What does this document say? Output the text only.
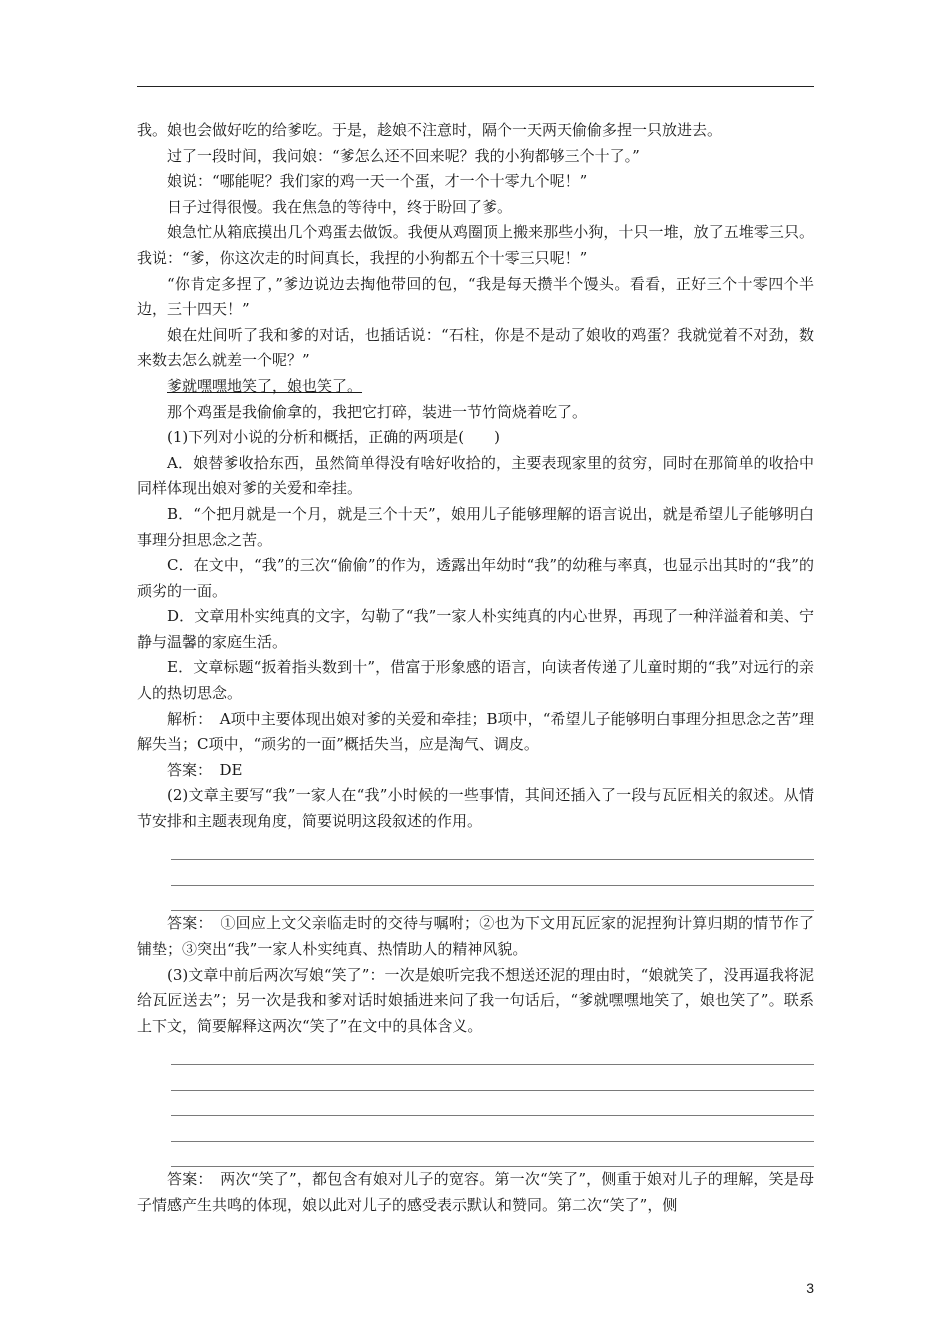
我。娘也会做好吃的给爹吃。于是，趁娘不注意时，隔个一天两天偷偷多捏一只放进去。

过了一段时间，我问娘：“爹怎么还不回来呢？我的小狗都够三个十了。”

娘说：“哪能呢？我们家的鸡一天一个蛋，才一个十零九个呢！”

日子过得很慢。我在焦急的等待中，终于盼回了爹。

娘急忙从箱底摸出几个鸡蛋去做饭。我便从鸡圈顶上搬来那些小狗，十只一堆，放了五堆零三只。我说：“爹，你这次走的时间真长，我捏的小狗都五个十零三只呢！”

“你肯定多捏了，”爹边说边去掏他带回的包，“我是每天攒半个馒头。看看，正好三个十零四个半边，三十四天！”

娘在灶间听了我和爹的对话，也插话说：“石柱，你是不是动了娘收的鸡蛋？我就觉着不对劲，数来数去怎么就差一个呢？”

爹就嘿嘿地笑了，娘也笑了。

那个鸡蛋是我偷偷拿的，我把它打碎，装进一节竹筒烧着吃了。

(1)下列对小说的分析和概括，正确的两项是(　　)

A．娘替爹收拾东西，虽然简单得没有啥好收拾的，主要表现家里的贫穷，同时在那简单的收拾中同样体现出娘对爹的关爱和牵挂。

B．“个把月就是一个月，就是三个十天”，娘用儿子能够理解的语言说出，就是希望儿子能够明白事理分担思念之苦。

C．在文中，“我”的三次“偷偷”的作为，透露出年幼时“我”的幼稚与率真，也显示出其时的“我”的顽劣的一面。

D．文章用朴实纯真的文字，勾勒了“我”一家人朴实纯真的内心世界，再现了一种洋溢着和美、宁静与温馨的家庭生活。

E．文章标题“扳着指头数到十”，借富于形象感的语言，向读者传递了儿童时期的“我”对远行的亲人的热切思念。

解析：　A项中主要体现出娘对爹的关爱和牵挂；B项中，“希望儿子能够明白事理分担思念之苦”理解失当；C项中，“顽劣的一面”概括失当，应是淘气、调皮。

答案：　DE

(2)文章主要写“我”一家人在“我”小时候的一些事情，其间还插入了一段与瓦匠相关的叙述。从情节安排和主题表现角度，简要说明这段叙述的作用。

答案：　①回应上文父亲临走时的交待与嘱咐；②也为下文用瓦匠家的泥捏狗计算归期的情节作了铺垫；③突出“我”一家人朴实纯真、热情助人的精神风貌。

(3)文章中前后两次写娘“笑了”：一次是娘听完我不想送还泥的理由时，“娘就笑了，没再逼我将泥给瓦匠送去”；另一次是我和爹对话时娘插进来问了我一句话后，“爹就嘿嘿地笑了，娘也笑了”。联系上下文，简要解释这两次“笑了”在文中的具体含义。

答案：　两次“笑了”，都包含有娘对儿子的宽容。第一次“笑了”，侧重于娘对儿子的理解，笑是母子情感产生共鸣的体现，娘以此对儿子的感受表示默认和赞同。第二次“笑了”，侧

3
